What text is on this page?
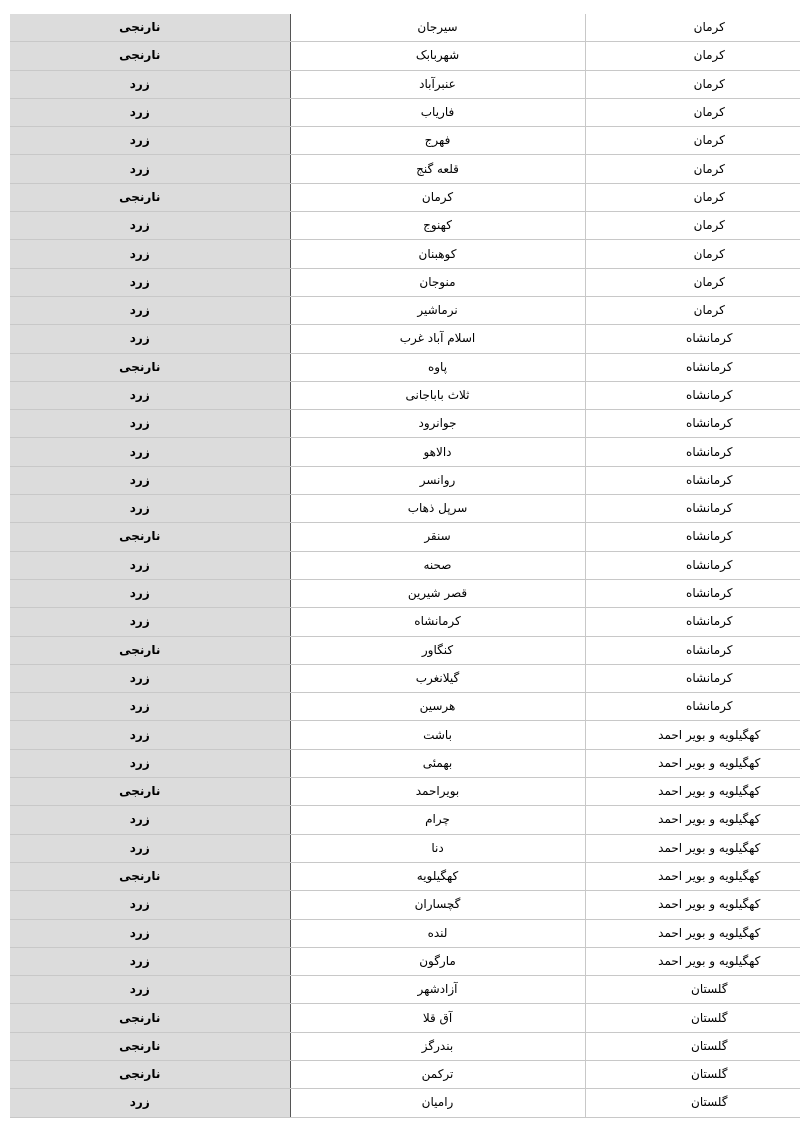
کرمان	سیرجان	نارنجی
کرمان	شهربابک	نارنجی
کرمان	عنبرآباد	زرد
کرمان	فاریاب	زرد
کرمان	فهرج	زرد
کرمان	قلعه گنج	زرد
کرمان	کرمان	نارنجی
کرمان	کهنوج	زرد
کرمان	کوهبنان	زرد
کرمان	منوجان	زرد
کرمان	نرماشیر	زرد
کرمانشاه	اسلام آباد غرب	زرد
کرمانشاه	پاوه	نارنجی
کرمانشاه	ثلاث باباجانی	زرد
کرمانشاه	جوانرود	زرد
کرمانشاه	دالاهو	زرد
کرمانشاه	روانسر	زرد
کرمانشاه	سرپل ذهاب	زرد
کرمانشاه	سنقر	نارنجی
کرمانشاه	صحنه	زرد
کرمانشاه	قصر شیرین	زرد
کرمانشاه	کرمانشاه	زرد
کرمانشاه	کنگاور	نارنجی
کرمانشاه	گیلانغرب	زرد
کرمانشاه	هرسین	زرد
کهگیلویه و بویر احمد	باشت	زرد
کهگیلویه و بویر احمد	بهمئی	زرد
کهگیلویه و بویر احمد	بویراحمد	نارنجی
کهگیلویه و بویر احمد	چرام	زرد
کهگیلویه و بویر احمد	دنا	زرد
کهگیلویه و بویر احمد	کهگیلویه	نارنجی
کهگیلویه و بویر احمد	گچساران	زرد
کهگیلویه و بویر احمد	لنده	زرد
کهگیلویه و بویر احمد	مارگون	زرد
گلستان	آزادشهر	زرد
گلستان	آق قلا	نارنجی
گلستان	بندرگز	نارنجی
گلستان	ترکمن	نارنجی
گلستان	رامیان	زرد
